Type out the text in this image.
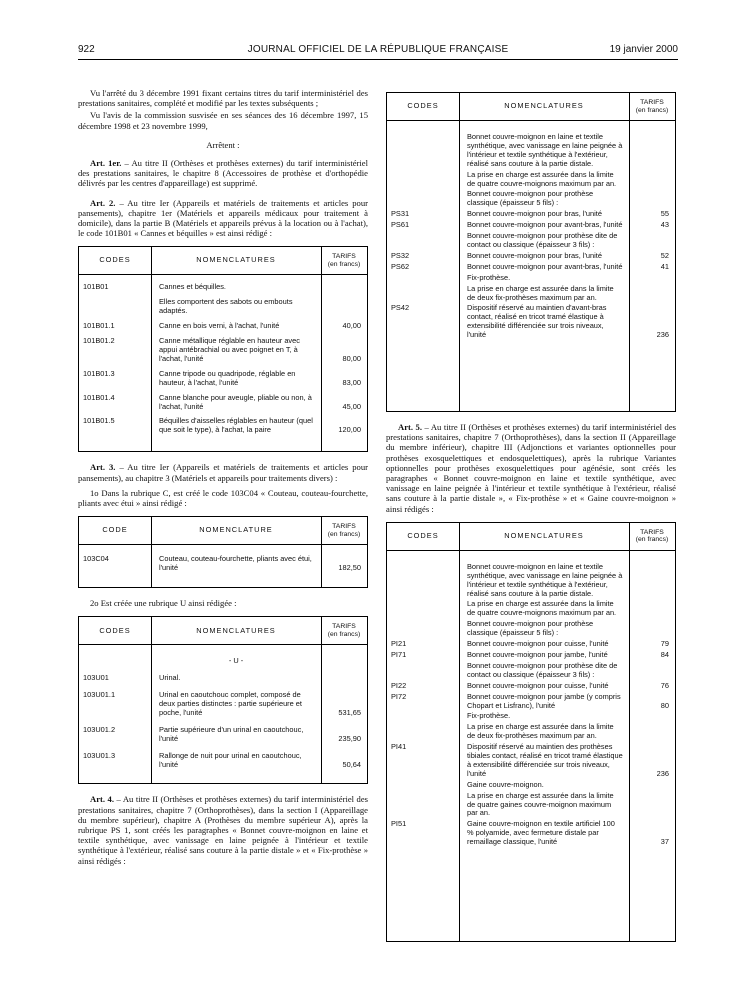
922	JOURNAL OFFICIEL DE LA RÉPUBLIQUE FRANÇAISE	19 janvier 2000

Vu l'arrêté du 3 décembre 1991 fixant certains titres du tarif interministériel des prestations sanitaires, complété et modifié par les textes subséquents ;

Vu l'avis de la commission susvisée en ses séances des 16 décembre 1997, 15 décembre 1998 et 23 novembre 1999,

Arrêtent :

Art. 1er. – Au titre II (Orthèses et prothèses externes) du tarif interministériel des prestations sanitaires, le chapitre 8 (Accessoires de prothèse et d'orthopédie délivrés par les centres d'appareillage) est supprimé.

Art. 2. – Au titre Ier (Appareils et matériels de traitements et articles pour pansements), chapitre 1er (Matériels et appareils médicaux pour traitement à domicile), dans la partie B (Matériels et appareils prévus à la location ou à l'achat), le code 101B01 « Cannes et béquilles » est ainsi rédigé :

CODES	NOMENCLATURES	TARIFS
(en francs)
101B01	Cannes et béquilles.
Elles comportent des sabots ou embouts adaptés.
101B01.1	Canne en bois verni, à l'achat, l'unité	40,00
101B01.2	Canne métallique réglable en hauteur avec appui antébrachial ou avec poignet en T, à l'achat, l'unité	80,00
101B01.3	Canne tripode ou quadripode, réglable en hauteur, à l'achat, l'unité	83,00
101B01.4	Canne blanche pour aveugle, pliable ou non, à l'achat, l'unité	45,00
101B01.5	Béquilles d'aisselles réglables en hauteur (quel que soit le type), à l'achat, la paire	120,00

Art. 3. – Au titre Ier (Appareils et matériels de traitements et articles pour pansements), au chapitre 3 (Matériels et appareils pour traitements divers) :

1o Dans la rubrique C, est créé le code 103C04 « Couteau, couteau-fourchette, pliants avec étui » ainsi rédigé :

CODE	NOMENCLATURE	TARIFS
(en francs)
103C04	Couteau, couteau-fourchette, pliants avec étui, l'unité	182,50

2o Est créée une rubrique U ainsi rédigée :

CODES	NOMENCLATURES	TARIFS
(en francs)
- U -
103U01	Urinal.
103U01.1	Urinal en caoutchouc complet, composé de deux parties distinctes : partie supérieure et poche, l'unité	531,65
103U01.2	Partie supérieure d'un urinal en caoutchouc, l'unité	235,90
103U01.3	Rallonge de nuit pour urinal en caoutchouc, l'unité	50,64

Art. 4. – Au titre II (Orthèses et prothèses externes) du tarif interministériel des prestations sanitaires, chapitre 7 (Orthoprothèses), dans la section I (Appareillage du membre supérieur), chapitre A (Prothèses du membre supérieur A), après la rubrique PS 1, sont créés les paragraphes « Bonnet couvre-moignon en laine et textile synthétique, avec vanissage en laine peignée à l'intérieur et textile synthétique à l'extérieur, réalisé sans couture à la partie distale » et « Fix-prothèse » ainsi rédigés :

CODES	NOMENCLATURES	TARIFS
(en francs)
Bonnet couvre-moignon en laine et textile synthétique, avec vanissage en laine peignée à l'intérieur et textile synthétique à l'extérieur, réalisé sans couture à la partie distale.
La prise en charge est assurée dans la limite de quatre couvre-moignons maximum par an.
Bonnet couvre-moignon pour prothèse classique (épaisseur 5 fils) :
PS31	Bonnet couvre-moignon pour bras, l'unité	55
PS61	Bonnet couvre-moignon pour avant-bras, l'unité	43
Bonnet couvre-moignon pour prothèse dite de contact ou classique (épaisseur 3 fils) :
PS32	Bonnet couvre-moignon pour bras, l'unité	52
PS62	Bonnet couvre-moignon pour avant-bras, l'unité	41
Fix-prothèse.
La prise en charge est assurée dans la limite de deux fix-prothèses maximum par an.
PS42	Dispositif réservé au maintien d'avant-bras contact, réalisé en tricot tramé élastique à extensibilité différenciée sur trois niveaux, l'unité	236

Art. 5. – Au titre II (Orthèses et prothèses externes) du tarif interministériel des prestations sanitaires, chapitre 7 (Orthoprothèses), dans la section II (Appareillage du membre inférieur), chapitre III (Adjonctions et variantes optionnelles pour prothèses exosquelettiques et endosquelettiques), après la rubrique Variantes optionnelles pour prothèses exosquelettiques pour agénésie, sont créés les paragraphes « Bonnet couvre-moignon en laine et textile synthétique, avec vanissage en laine peignée à l'intérieur et textile synthétique à l'extérieur, réalisé sans couture à la partie distale », « Fix-prothèse » et « Gaine couvre-moignon » ainsi rédigés :

CODES	NOMENCLATURES	TARIFS
(en francs)
Bonnet couvre-moignon en laine et textile synthétique, avec vanissage en laine peignée à l'intérieur et textile synthétique à l'extérieur, réalisé sans couture à la partie distale.
La prise en charge est assurée dans la limite de quatre couvre-moignons maximum par an.
Bonnet couvre-moignon pour prothèse classique (épaisseur 5 fils) :
PI21	Bonnet couvre-moignon pour cuisse, l'unité	79
PI71	Bonnet couvre-moignon pour jambe, l'unité	84
Bonnet couvre-moignon pour prothèse dite de contact ou classique (épaisseur 3 fils) :
PI22	Bonnet couvre-moignon pour cuisse, l'unité	76
PI72	Bonnet couvre-moignon pour jambe (y compris Chopart et Lisfranc), l'unité	80
Fix-prothèse.
La prise en charge est assurée dans la limite de deux fix-prothèses maximum par an.
PI41	Dispositif réservé au maintien des prothèses tibiales contact, réalisé en tricot tramé élastique à extensibilité différenciée sur trois niveaux, l'unité	236
Gaine couvre-moignon.
La prise en charge est assurée dans la limite de quatre gaines couvre-moignon maximum par an.
PI51	Gaine couvre-moignon en textile artificiel 100 % polyamide, avec fermeture distale par remaillage classique, l'unité	37
